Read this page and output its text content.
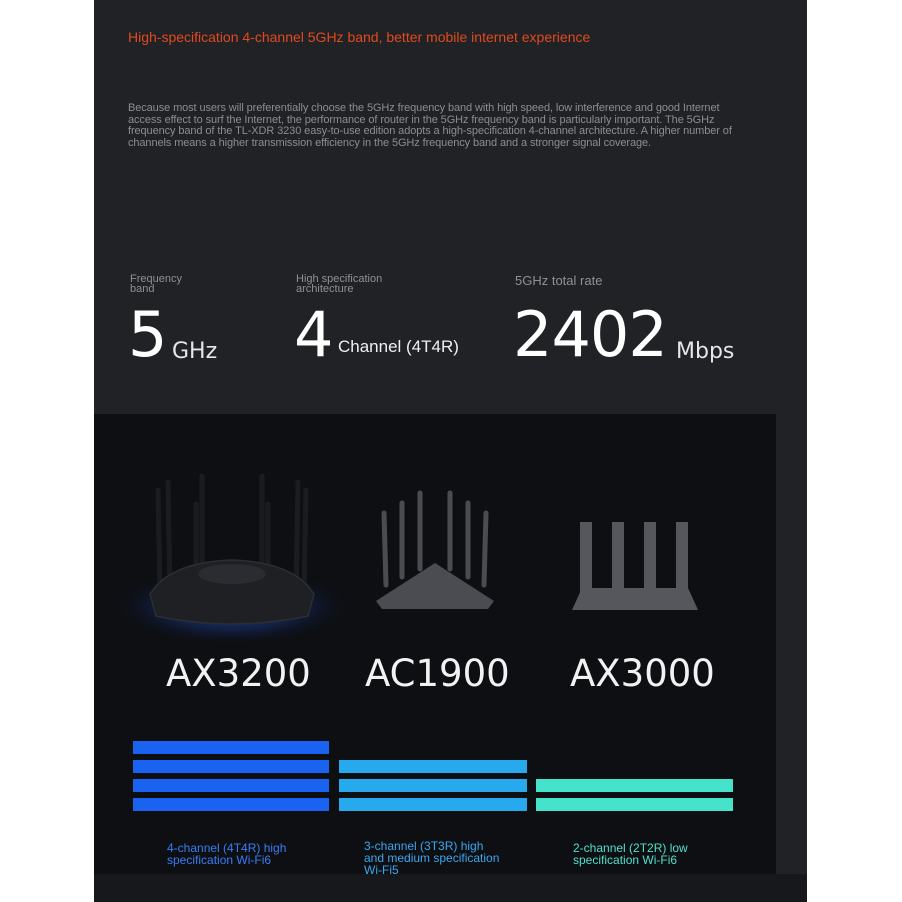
High-specification 4-channel 5GHz band, better mobile internet experience
Because most users will preferentially choose the 5GHz frequency band with high speed, low interference and good Internet access effect to surf the Internet, the performance of router in the 5GHz frequency band is particularly important. The 5GHz frequency band of the TL-XDR 3230 easy-to-use edition adopts a high-specification 4-channel architecture. A higher number of channels means a higher transmission efficiency in the 5GHz frequency band and a stronger signal coverage.
Frequency
band
5 GHz
High specification
architecture
4 Channel (4T4R)
5GHz total rate
2402 Mbps
AX3200 AC1900 AX3000
4-channel (4T4R) high
specification Wi-Fi6
3-channel (3T3R) high
and medium specification
Wi-Fi5
2-channel (2T2R) low
specification Wi-Fi6
